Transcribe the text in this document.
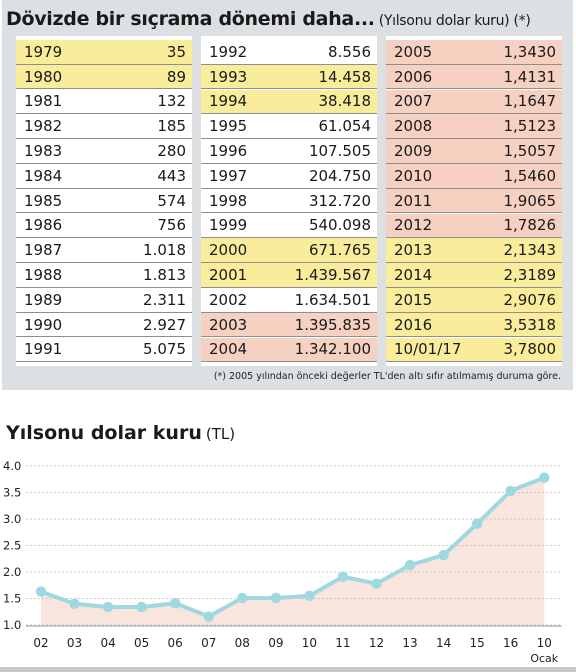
Dövizde bir sıçrama dönemi daha... (Yılsonu dolar kuru) (*)
1979	35
1980	89
1981	132
1982	185
1983	280
1984	443
1985	574
1986	756
1987	1.018
1988	1.813
1989	2.311
1990	2.927
1991	5.075
1992	8.556
1993	14.458
1994	38.418
1995	61.054
1996	107.505
1997	204.750
1998	312.720
1999	540.098
2000	671.765
2001	1.439.567
2002	1.634.501
2003	1.395.835
2004	1.342.100
2005	1,3430
2006	1,4131
2007	1,1647
2008	1,5123
2009	1,5057
2010	1,5460
2011	1,9065
2012	1,7826
2013	2,1343
2014	2,3189
2015	2,9076
2016	3,5318
10/01/17	3,7800
(*) 2005 yılından önceki değerler TL'den altı sıfır atılmamış duruma göre.
1.0
1.5
2.0
2.5
3.0
3.5
4.0
02 03 04 05 06 07 08 09 10 11 12 13 14 15 16 10
Ocak
Yılsonu dolar kuru (TL)
